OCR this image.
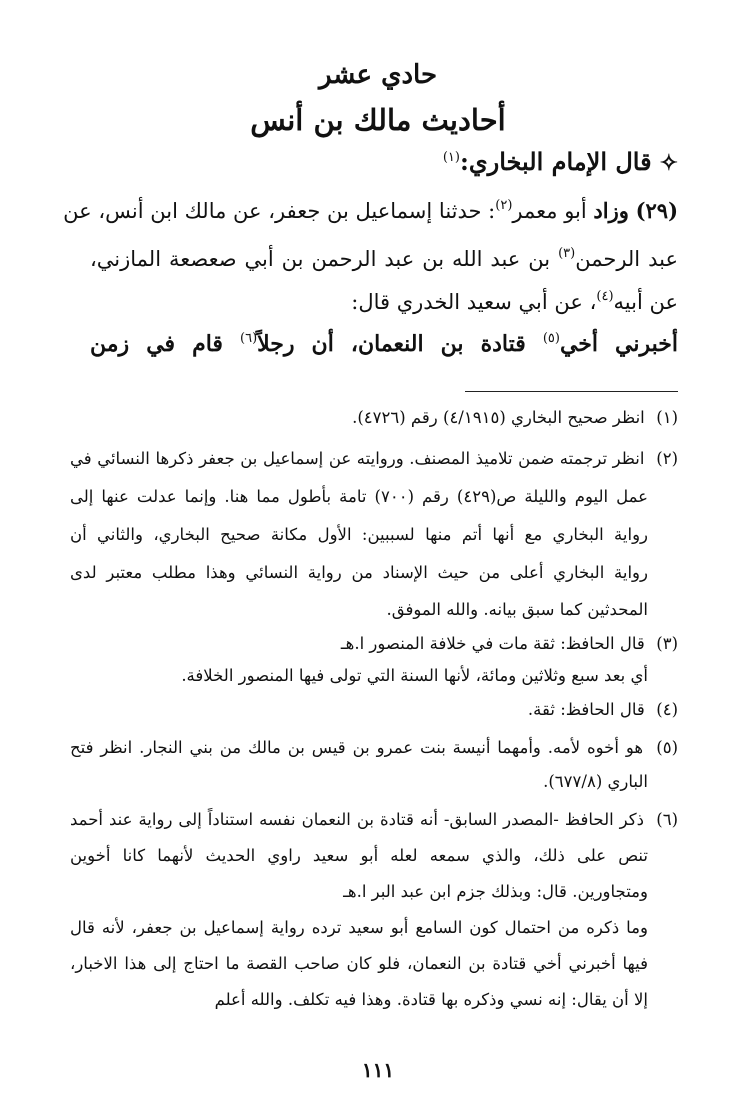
حادي عشر
أحاديث مالك بن أنس
✧قال الإمام البخاري:$^{(١)}$
(٢٩) وزاد أبو معمر$^{(٢)}$: حدثنا إسماعيل بن جعفر، عن مالك ابن أنس، عن
عبد الرحمن$^{(٣)}$ بن عبد الله بن عبد الرحمن بن أبي صعصعة المازني،
عن أبيه$^{(٤)}$، عن أبي سعيد الخدري قال:
أخبرني أخي$^{(٥)}$ قتادة بن النعمان، أن رجلاً$^{(٦)}$ قام في زمن
(١) انظر صحيح البخاري (٤/١٩١٥) رقم (٤٧٢٦).
(٢) انظر ترجمته ضمن تلاميذ المصنف. وروايته عن إسماعيل بن جعفر ذكرها النسائي في
عمل اليوم والليلة ص(٤٢٩) رقم (٧٠٠) تامة بأطول مما هنا. وإنما عدلت عنها إلى
رواية البخاري مع أنها أتم منها لسببين: الأول مكانة صحيح البخاري، والثاني أن
رواية البخاري أعلى من حيث الإسناد من رواية النسائي وهذا مطلب معتبر لدى
المحدثين كما سبق بيانه. والله الموفق.
(٣) قال الحافظ: ثقة مات في خلافة المنصور ا.هـ
أي بعد سبع وثلاثين ومائة، لأنها السنة التي تولى فيها المنصور الخلافة.
(٤) قال الحافظ: ثقة.
(٥) هو أخوه لأمه. وأمهما أنيسة بنت عمرو بن قيس بن مالك من بني النجار. انظر فتح
الباري (٦٧٧/٨).
(٦) ذكر الحافظ -المصدر السابق- أنه قتادة بن النعمان نفسه استناداً إلى رواية عند أحمد
تنص على ذلك، والذي سمعه لعله أبو سعيد راوي الحديث لأنهما كانا أخوين
ومتجاورين. قال: وبذلك جزم ابن عبد البر ا.هـ
وما ذكره من احتمال كون السامع أبو سعيد ترده رواية إسماعيل بن جعفر، لأنه قال
فيها أخبرني أخي قتادة بن النعمان، فلو كان صاحب القصة ما احتاج إلى هذا الاخبار،
إلا أن يقال: إنه نسي وذكره بها قتادة. وهذا فيه تكلف. والله أعلم
١١١
